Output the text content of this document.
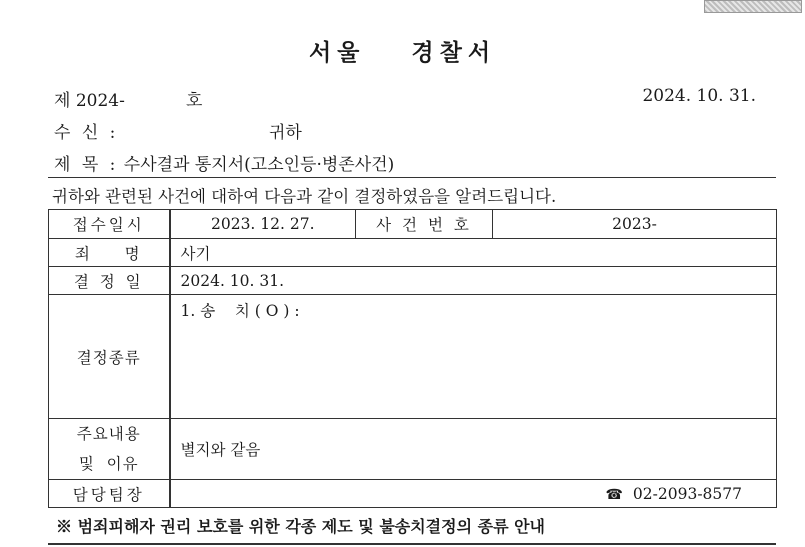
서울 경찰서
제 2024-	호	2024. 10. 31.
수 신 :	귀하
제 목 : 수사결과 통지서(고소인등·병존사건)
귀하와 관련된 사건에 대하여 다음과 같이 결정하였음을 알려드립니다.
접수일시	2023. 12. 27.	사 건 번 호	2023-
죄    명	사기		
결 정 일	2024. 10. 31.		
결정종류	1. 송    치 ( O ) :		

주요내용
및  이유	별지와 같음		
담당팀장	☎ 02-2093-8577		
※ 범죄피해자 권리 보호를 위한 각종 제도 및 불송치결정의 종류 안내
